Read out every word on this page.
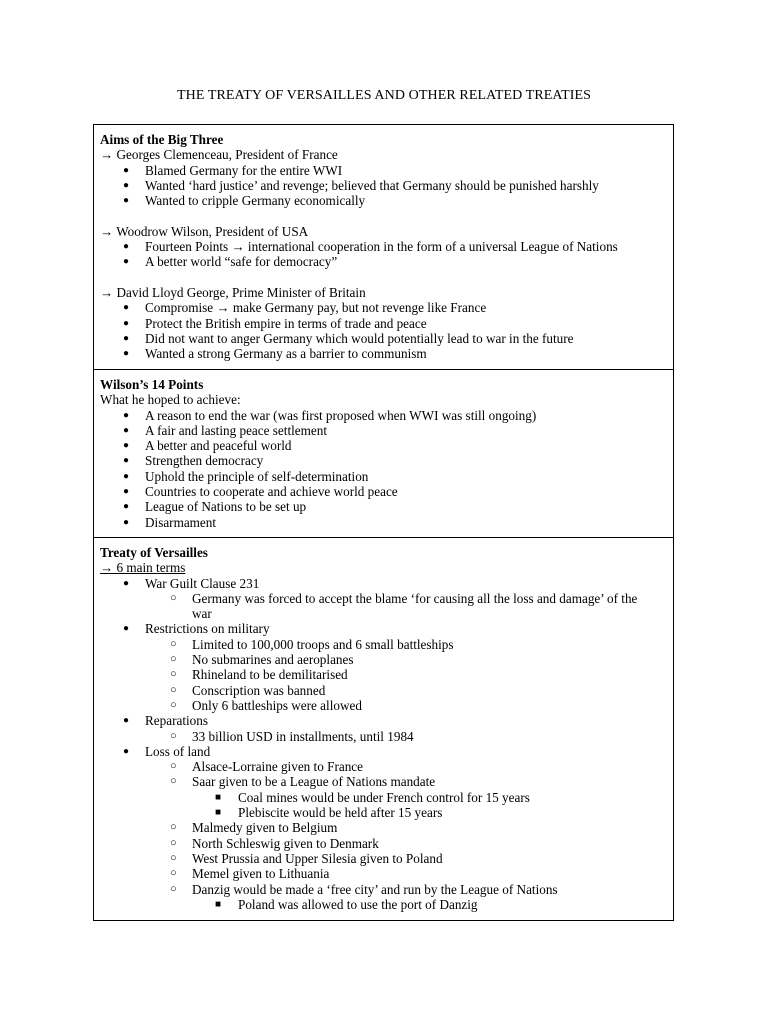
THE TREATY OF VERSAILLES AND OTHER RELATED TREATIES
Aims of the Big Three
→ Georges Clemenceau, President of France
● Blamed Germany for the entire WWI
● Wanted ‘hard justice’ and revenge; believed that Germany should be punished harshly
● Wanted to cripple Germany economically
→ Woodrow Wilson, President of USA
● Fourteen Points → international cooperation in the form of a universal League of Nations
● A better world “safe for democracy”
→ David Lloyd George, Prime Minister of Britain
● Compromise → make Germany pay, but not revenge like France
● Protect the British empire in terms of trade and peace
● Did not want to anger Germany which would potentially lead to war in the future
● Wanted a strong Germany as a barrier to communism
Wilson’s 14 Points
What he hoped to achieve:
● A reason to end the war (was first proposed when WWI was still ongoing)
● A fair and lasting peace settlement
● A better and peaceful world
● Strengthen democracy
● Uphold the principle of self-determination
● Countries to cooperate and achieve world peace
● League of Nations to be set up
● Disarmament
Treaty of Versailles
→ 6 main terms
● War Guilt Clause 231
○ Germany was forced to accept the blame ‘for causing all the loss and damage’ of the war
● Restrictions on military
○ Limited to 100,000 troops and 6 small battleships
○ No submarines and aeroplanes
○ Rhineland to be demilitarised
○ Conscription was banned
○ Only 6 battleships were allowed
● Reparations
○ 33 billion USD in installments, until 1984
● Loss of land
○ Alsace-Lorraine given to France
○ Saar given to be a League of Nations mandate
■ Coal mines would be under French control for 15 years
■ Plebiscite would be held after 15 years
○ Malmedy given to Belgium
○ North Schleswig given to Denmark
○ West Prussia and Upper Silesia given to Poland
○ Memel given to Lithuania
○ Danzig would be made a ‘free city’ and run by the League of Nations
■ Poland was allowed to use the port of Danzig
